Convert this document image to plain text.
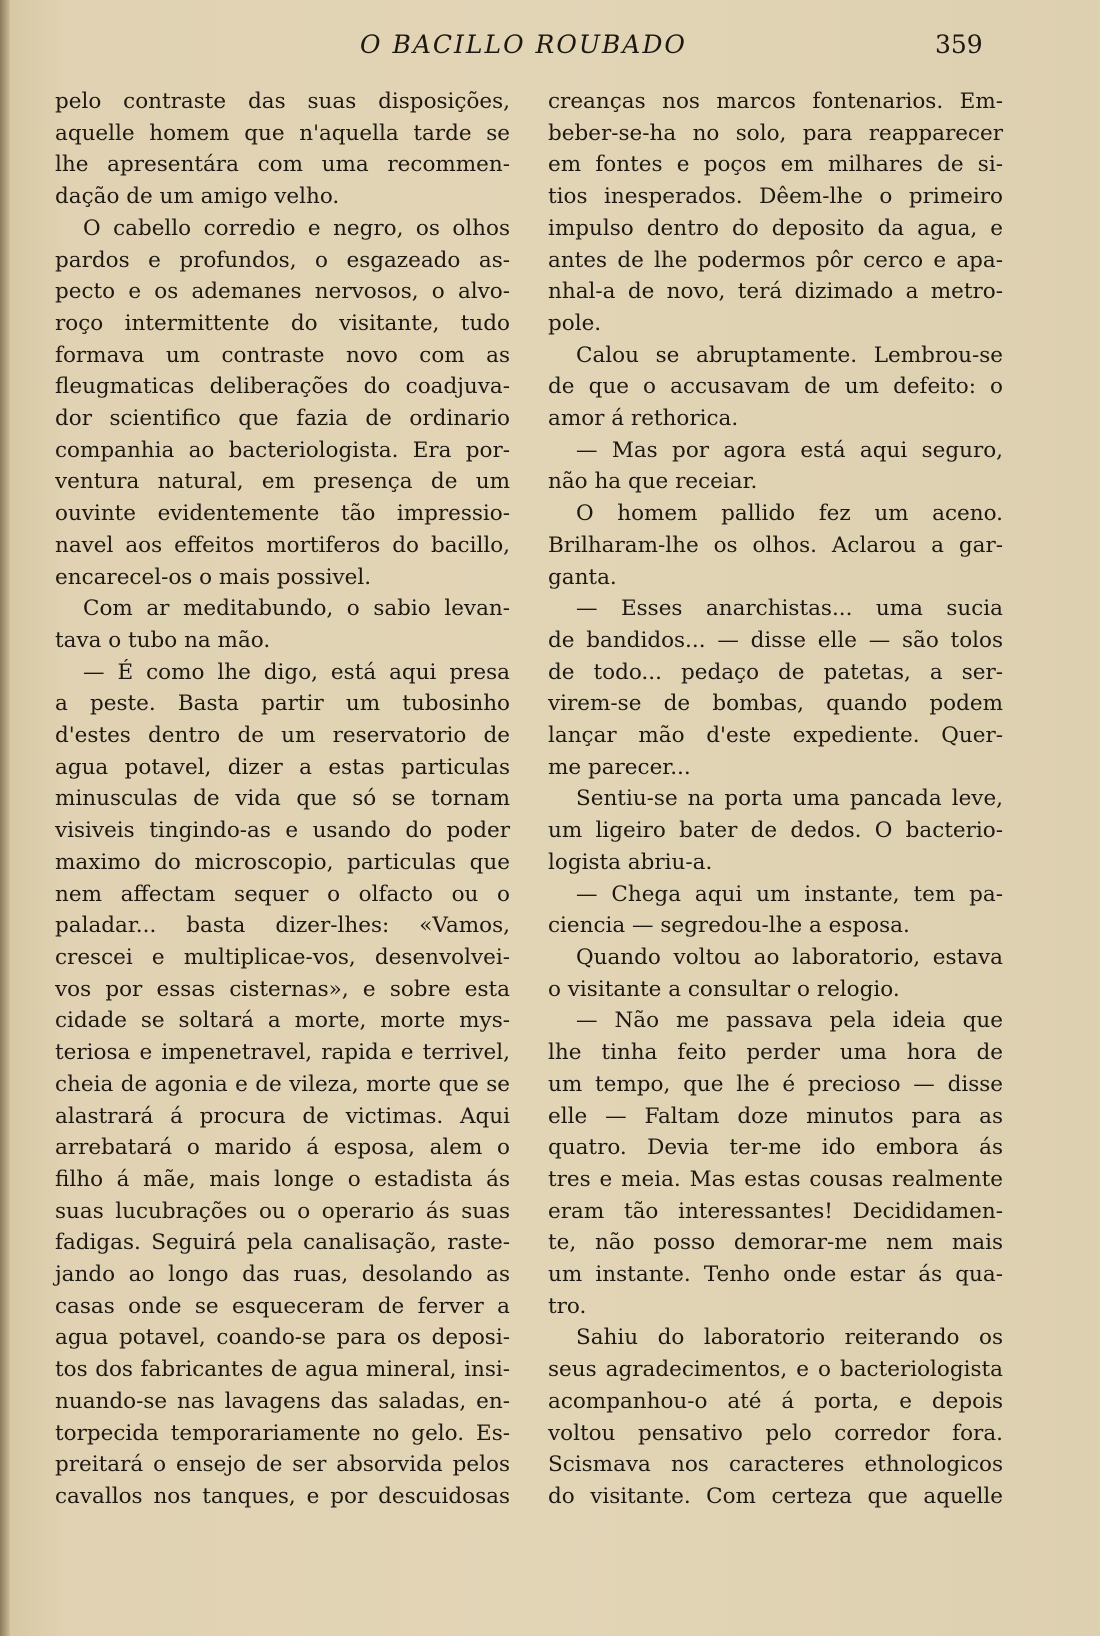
O BACILLO ROUBADO	359
pelo contraste das suas disposições,
aquelle homem que n'aquella tarde se
lhe apresentára com uma recommen-
dação de um amigo velho.
O cabello corredio e negro, os olhos
pardos e profundos, o esgazeado as-
pecto e os ademanes nervosos, o alvo-
roço intermittente do visitante, tudo
formava um contraste novo com as
fleugmaticas deliberações do coadjuva-
dor scientifico que fazia de ordinario
companhia ao bacteriologista. Era por-
ventura natural, em presença de um
ouvinte evidentemente tão impressio-
navel aos effeitos mortiferos do bacillo,
encarecel-os o mais possivel.
Com ar meditabundo, o sabio levan-
tava o tubo na mão.
— É como lhe digo, está aqui presa
a peste. Basta partir um tubosinho
d'estes dentro de um reservatorio de
agua potavel, dizer a estas particulas
minusculas de vida que só se tornam
visiveis tingindo-as e usando do poder
maximo do microscopio, particulas que
nem affectam sequer o olfacto ou o
paladar... basta dizer-lhes: «Vamos,
crescei e multiplicae-vos, desenvolvei-
vos por essas cisternas», e sobre esta
cidade se soltará a morte, morte mys-
teriosa e impenetravel, rapida e terrivel,
cheia de agonia e de vileza, morte que se
alastrará á procura de victimas. Aqui
arrebatará o marido á esposa, alem o
filho á mãe, mais longe o estadista ás
suas lucubrações ou o operario ás suas
fadigas. Seguirá pela canalisação, raste-
jando ao longo das ruas, desolando as
casas onde se esqueceram de ferver a
agua potavel, coando-se para os deposi-
tos dos fabricantes de agua mineral, insi-
nuando-se nas lavagens das saladas, en-
torpecida temporariamente no gelo. Es-
preitará o ensejo de ser absorvida pelos
cavallos nos tanques, e por descuidosas
creanças nos marcos fontenarios. Em-
beber-se-ha no solo, para reapparecer
em fontes e poços em milhares de si-
tios inesperados. Dêem-lhe o primeiro
impulso dentro do deposito da agua, e
antes de lhe podermos pôr cerco e apa-
nhal-a de novo, terá dizimado a metro-
pole.
Calou se abruptamente. Lembrou-se
de que o accusavam de um defeito: o
amor á rethorica.
— Mas por agora está aqui seguro,
não ha que receiar.
O homem pallido fez um aceno.
Brilharam-lhe os olhos. Aclarou a gar-
ganta.
— Esses anarchistas... uma sucia
de bandidos... — disse elle — são tolos
de todo... pedaço de patetas, a ser-
virem-se de bombas, quando podem
lançar mão d'este expediente. Quer-
me parecer...
Sentiu-se na porta uma pancada leve,
um ligeiro bater de dedos. O bacterio-
logista abriu-a.
— Chega aqui um instante, tem pa-
ciencia — segredou-lhe a esposa.
Quando voltou ao laboratorio, estava
o visitante a consultar o relogio.
— Não me passava pela ideia que
lhe tinha feito perder uma hora de
um tempo, que lhe é precioso — disse
elle — Faltam doze minutos para as
quatro. Devia ter-me ido embora ás
tres e meia. Mas estas cousas realmente
eram tão interessantes! Decididamen-
te, não posso demorar-me nem mais
um instante. Tenho onde estar ás qua-
tro.
Sahiu do laboratorio reiterando os
seus agradecimentos, e o bacteriologista
acompanhou-o até á porta, e depois
voltou pensativo pelo corredor fora.
Scismava nos caracteres ethnologicos
do visitante. Com certeza que aquelle
